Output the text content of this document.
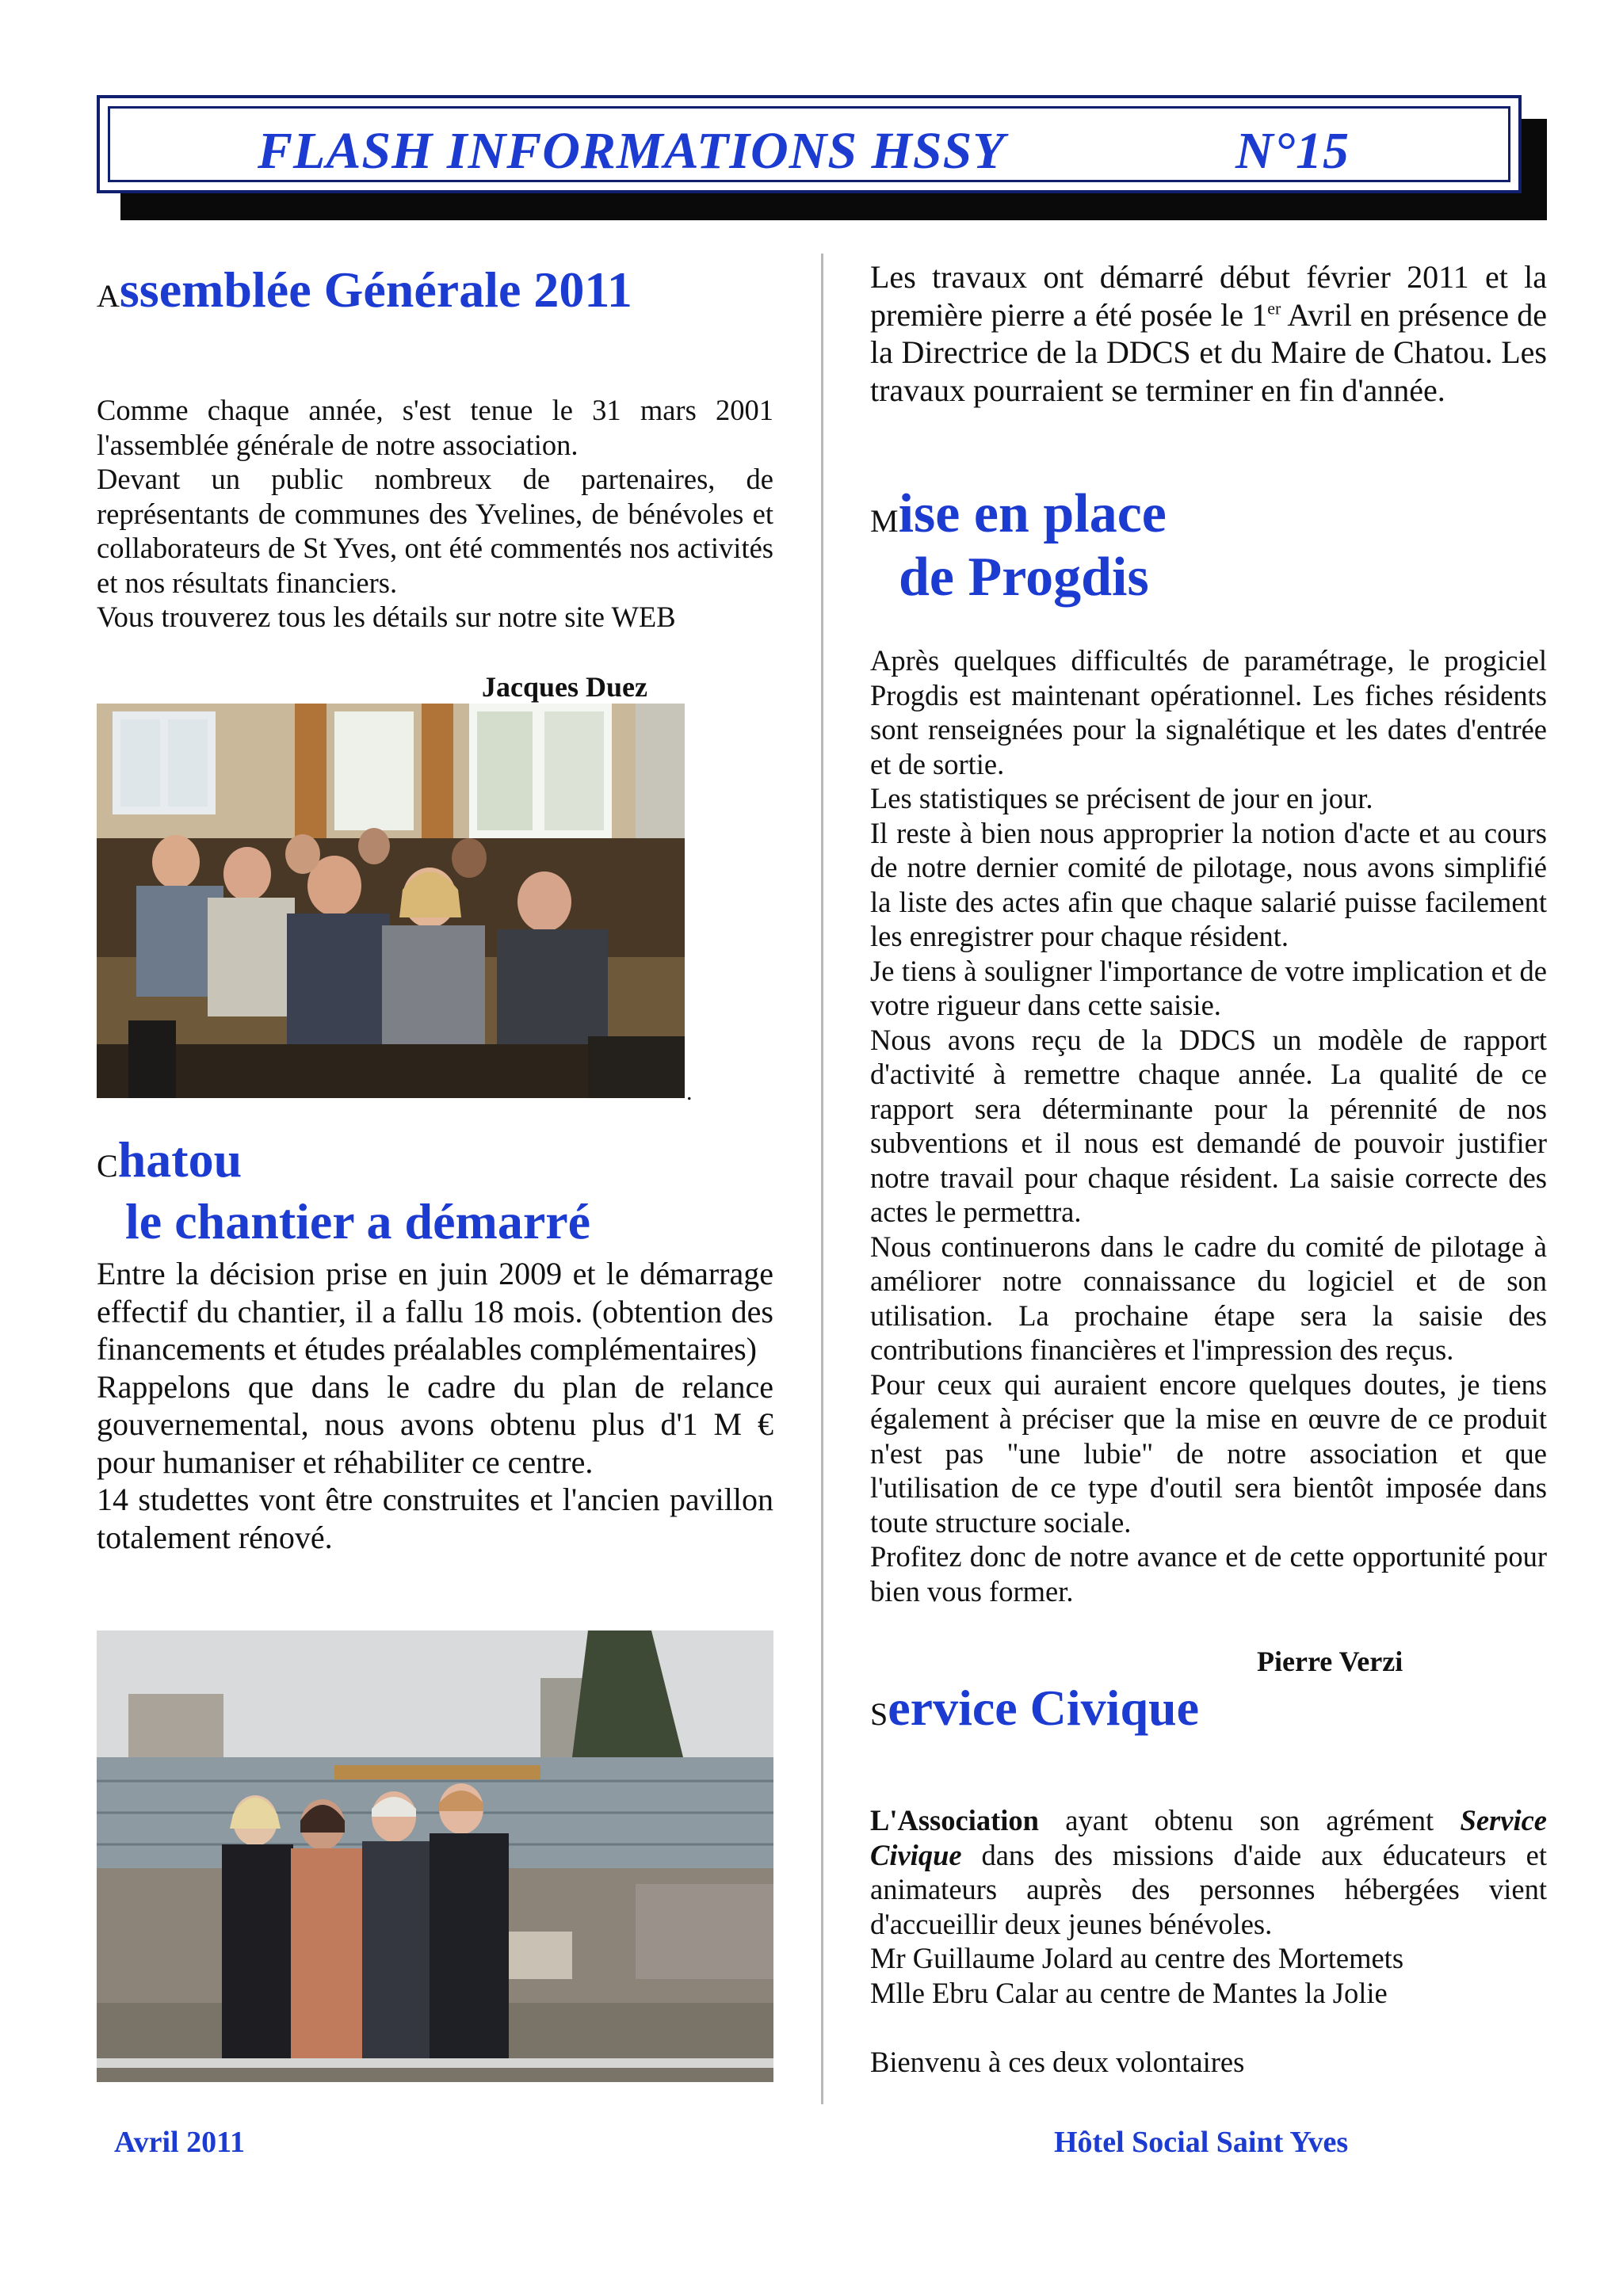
FLASH INFORMATIONS HSSY	N°15
Assemblée Générale 2011

Comme chaque année, s'est tenue le 31 mars 2001 l'assemblée générale de notre association.

Devant un public nombreux de partenaires, de représentants de communes des Yvelines, de bénévoles et collaborateurs de St Yves, ont été commentés nos activités et nos résultats financiers.

Vous trouverez tous les détails sur notre site WEB

Jacques Duez
.
Chatou
le chantier a démarré

Entre la décision prise en juin 2009 et le démarrage effectif du chantier, il a fallu 18 mois. (obtention des financements et études préalables complémentaires)

Rappelons que dans le cadre du plan de relance gouvernemental, nous avons obtenu plus d'1 M € pour humaniser et réhabiliter ce centre.

14 studettes vont être construites et l'ancien pavillon totalement rénové.

Les travaux ont démarré début février 2011 et la première pierre a été posée le 1er Avril en présence de la Directrice de la DDCS et du Maire de Chatou. Les travaux pourraient se terminer en fin d'année.

Mise en place
de Progdis

Après quelques difficultés de paramétrage, le progiciel Progdis est maintenant opérationnel. Les fiches résidents sont renseignées pour la signalétique et les dates d'entrée et de sortie.

Les statistiques se précisent de jour en jour.

Il reste à bien nous approprier la notion d'acte et au cours de notre dernier comité de pilotage, nous avons simplifié la liste des actes afin que chaque salarié puisse facilement les enregistrer pour chaque résident.

Je tiens à souligner l'importance de votre implication et de votre rigueur dans cette saisie.

Nous avons reçu de la DDCS un modèle de rapport d'activité à remettre chaque année. La qualité de ce rapport sera déterminante pour la pérennité de nos subventions et il nous est demandé de pouvoir justifier notre travail pour chaque résident. La saisie correcte des actes le permettra.

Nous continuerons dans le cadre du comité de pilotage à améliorer notre connaissance du logiciel et de son utilisation. La prochaine étape sera la saisie des contributions financières et l'impression des reçus.

Pour ceux qui auraient encore quelques doutes, je tiens également à préciser que la mise en œuvre de ce produit n'est pas "une lubie" de notre association et que l'utilisation de ce type d'outil sera bientôt imposée dans toute structure sociale.

Profitez donc de notre avance et de cette opportunité pour bien vous former.

Pierre Verzi
Service Civique

L'Association ayant obtenu son agrément Service Civique dans des missions d'aide aux éducateurs et animateurs auprès des personnes hébergées vient d'accueillir deux jeunes bénévoles.

Mr Guillaume Jolard au centre des Mortemets

Mlle Ebru Calar au centre de Mantes la Jolie

Bienvenu à ces deux volontaires

Avril 2011	Hôtel Social Saint Yves
